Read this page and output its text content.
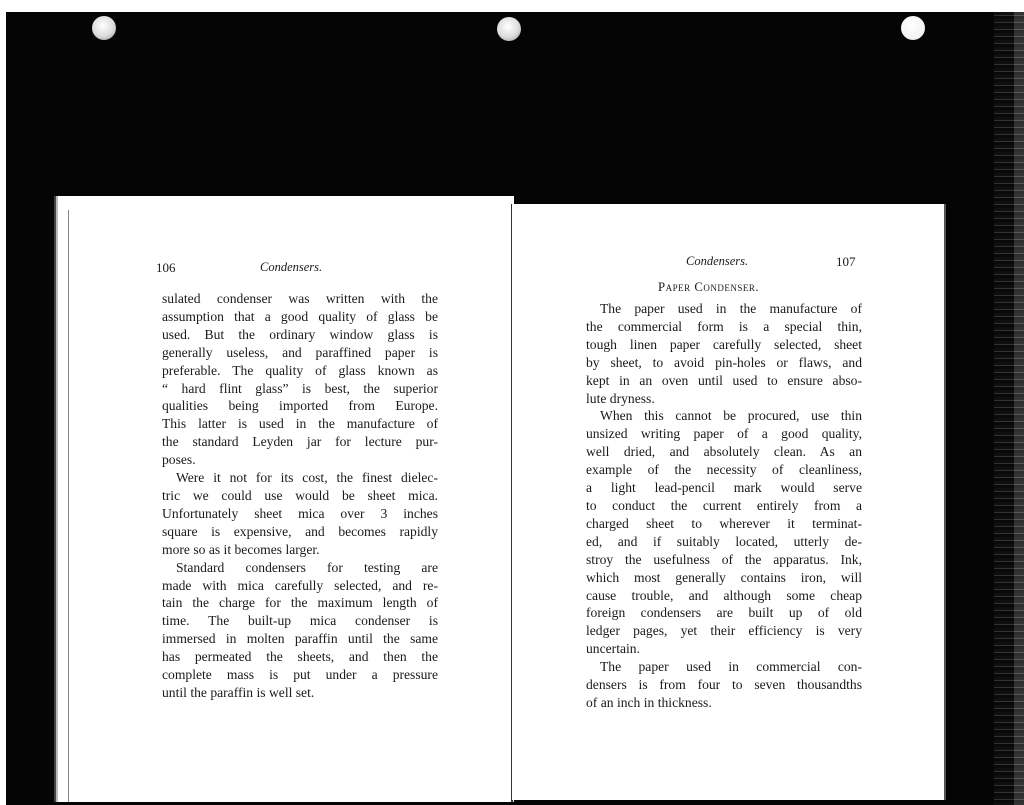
106	Condensers.
sulated condenser was written with the
assumption that a good quality of glass be
used. But the ordinary window glass is
generally useless, and paraffined paper is
preferable. The quality of glass known as
“ hard flint glass” is best, the superior
qualities being imported from Europe.
This latter is used in the manufacture of
the standard Leyden jar for lecture pur-
poses.
Were it not for its cost, the finest dielec-
tric we could use would be sheet mica.
Unfortunately sheet mica over 3 inches
square is expensive, and becomes rapidly
more so as it becomes larger.
Standard condensers for testing are
made with mica carefully selected, and re-
tain the charge for the maximum length of
time. The built-up mica condenser is
immersed in molten paraffin until the same
has permeated the sheets, and then the
complete mass is put under a pressure
until the paraffin is well set.
Condensers.	107
Paper Condenser.
The paper used in the manufacture of
the commercial form is a special thin,
tough linen paper carefully selected, sheet
by sheet, to avoid pin-holes or flaws, and
kept in an oven until used to ensure abso-
lute dryness.
When this cannot be procured, use thin
unsized writing paper of a good quality,
well dried, and absolutely clean. As an
example of the necessity of cleanliness,
a light lead-pencil mark would serve
to conduct the current entirely from a
charged sheet to wherever it terminat-
ed, and if suitably located, utterly de-
stroy the usefulness of the apparatus. Ink,
which most generally contains iron, will
cause trouble, and although some cheap
foreign condensers are built up of old
ledger pages, yet their efficiency is very
uncertain.
The paper used in commercial con-
densers is from four to seven thousandths
of an inch in thickness.
